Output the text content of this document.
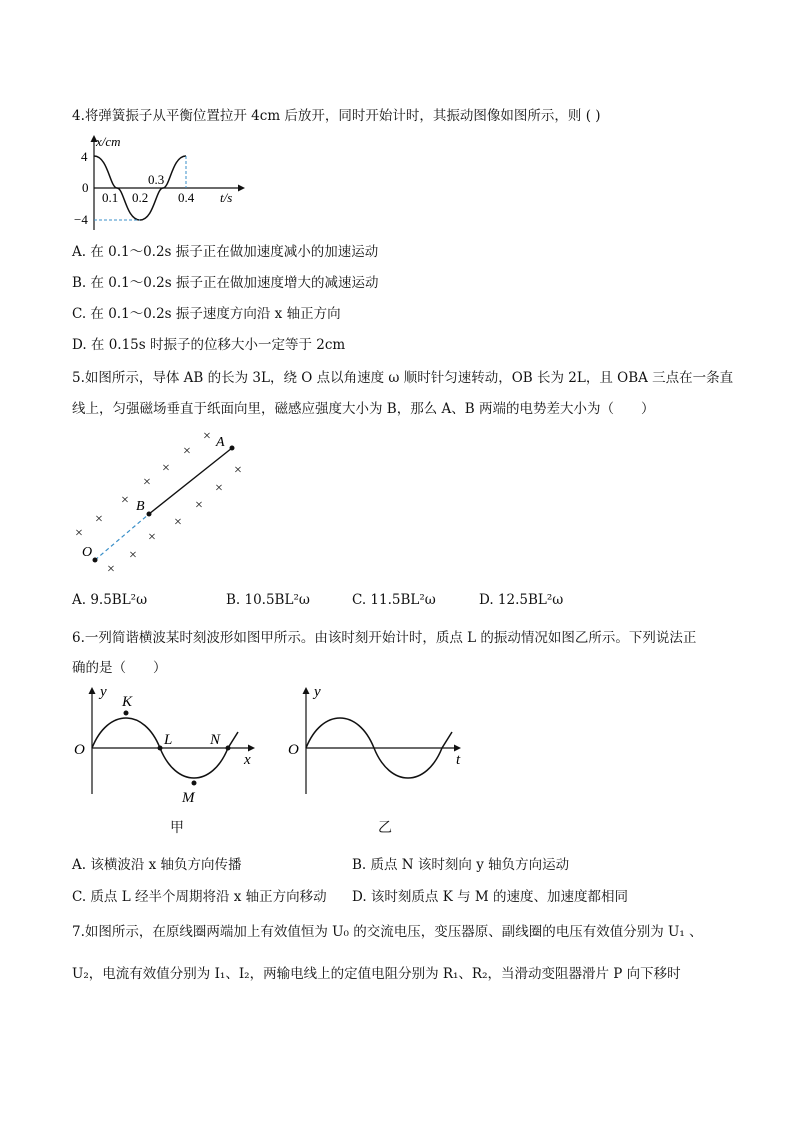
4.将弹簧振子从平衡位置拉开 4cm 后放开，同时开始计时，其振动图像如图所示，则 ( )
x/cm
4
0
−4
0.1 0.2
0.3
0.4 t/s
A. 在 0.1～0.2s 振子正在做加速度减小的加速运动
B. 在 0.1～0.2s 振子正在做加速度增大的减速运动
C. 在 0.1～0.2s 振子速度方向沿 x 轴正方向
D. 在 0.15s 时振子的位移大小一定等于 2cm
5.如图所示，导体 AB 的长为 3L，绕 O 点以角速度 ω 顺时针匀速转动，OB 长为 2L，且 OBA 三点在一条直
线上，匀强磁场垂直于纸面向里，磁感应强度大小为 B，那么 A、B 两端的电势差大小为（　　）
A
B
O
×
×
×	×
×	×
×	×
×	×
×	×
×
×
A. 9.5BL²ω	B. 10.5BL²ω	C. 11.5BL²ω	D. 12.5BL²ω
6.一列简谐横波某时刻波形如图甲所示。由该时刻开始计时，质点 L 的振动情况如图乙所示。下列说法正
确的是（　　）
y
O
x
K
L
M
N
y
O
t
甲	乙
A. 该横波沿 x 轴负方向传播	B. 质点 N 该时刻向 y 轴负方向运动
C. 质点 L 经半个周期将沿 x 轴正方向移动 D. 该时刻质点 K 与 M 的速度、加速度都相同
7.如图所示，在原线圈两端加上有效值恒为 U₀ 的交流电压，变压器原、副线圈的电压有效值分别为 U₁ 、
U₂，电流有效值分别为 I₁、I₂，两输电线上的定值电阻分别为 R₁、R₂，当滑动变阻器滑片 P 向下移时
